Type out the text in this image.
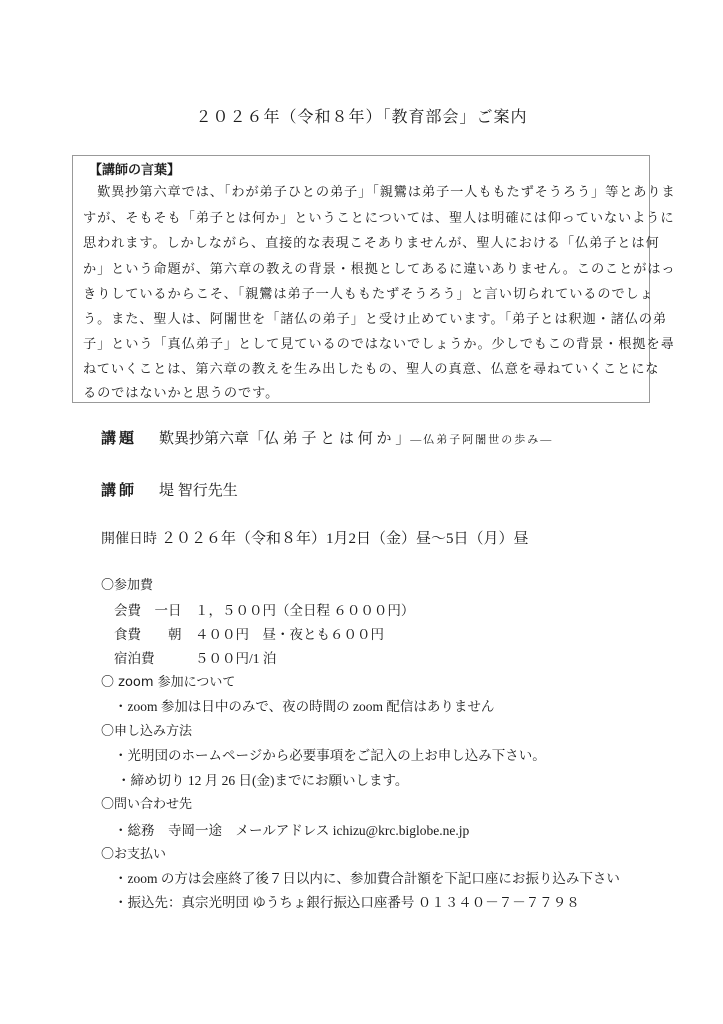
２０２６年（令和８年）「教育部会」ご案内
【講師の言葉】
　歎異抄第六章では、「わが弟子ひとの弟子」「親鸞は弟子一人ももたずそうろう」等とありま
すが、そもそも「弟子とは何か」ということについては、聖人は明確には仰っていないように
思われます。しかしながら、直接的な表現こそありませんが、聖人における「仏弟子とは何
か」という命題が、第六章の教えの背景・根拠としてあるに違いありません。このことがはっ
きりしているからこそ、「親鸞は弟子一人ももたずそうろう」と言い切られているのでしょ
う。また、聖人は、阿闍世を「諸仏の弟子」と受け止めています。「弟子とは釈迦・諸仏の弟
子」という「真仏弟子」として見ているのではないでしょうか。少しでもこの背景・根拠を尋
ねていくことは、第六章の教えを生み出したもの、聖人の真意、仏意を尋ねていくことにな
るのではないかと思うのです。
講題 歎異抄第六章「仏 弟 子 と は 何 か 」―仏弟子阿闍世の歩み―
講師 堤 智行先生
開催日時 ２０２６年（令和８年）1月2日（金）昼～5日（月）昼
〇参加費
会費　一日　１，５００円（全日程 ６０００円）
食費　　朝　４００円　昼・夜とも６００円
宿泊費　　　５００円/1 泊
〇 zoom 参加について
・zoom 参加は日中のみで、夜の時間の zoom 配信はありません
〇申し込み方法
・光明団のホームページから必要事項をご記入の上お申し込み下さい。
・締め切り 12 月 26 日(金)までにお願いします。
〇問い合わせ先
・総務　寺岡一途　メールアドレス ichizu@krc.biglobe.ne.jp
〇お支払い
・zoom の方は会座終了後７日以内に、参加費合計額を下記口座にお振り込み下さい
・振込先：真宗光明団 ゆうちょ銀行振込口座番号 ０１３４０－７－７７９８
